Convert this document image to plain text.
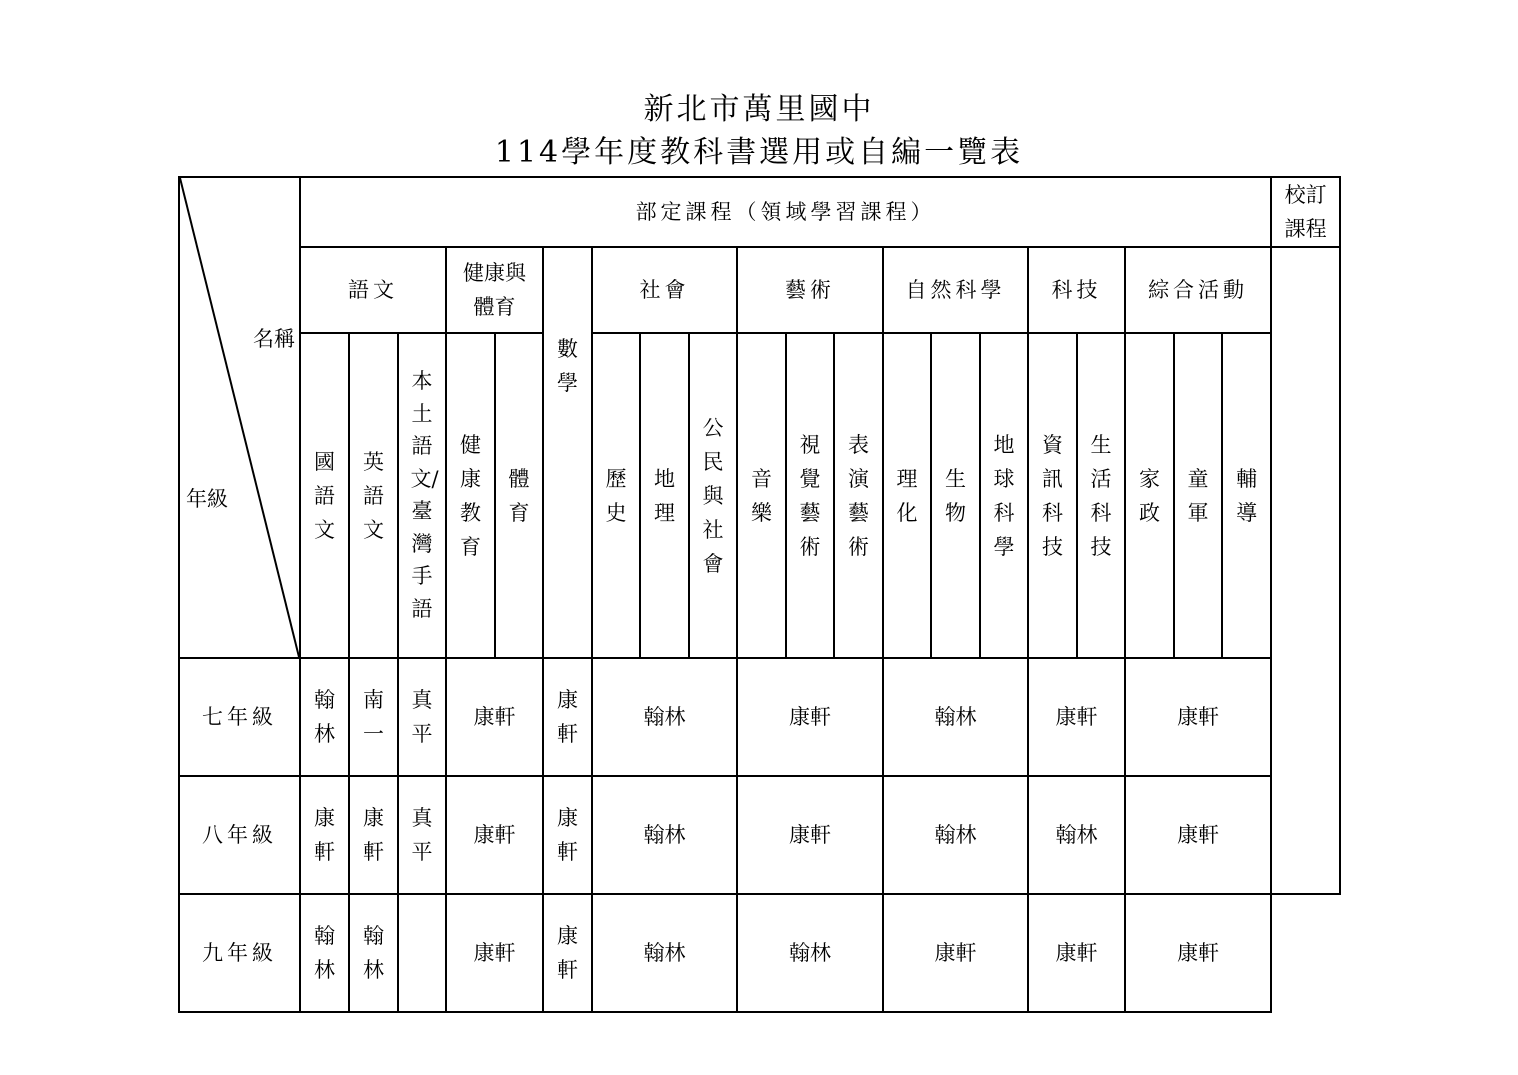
新北市萬里國中
114學年度教科書選用或自編一覽表
名稱
年級	部定課程（領域學習課程）																				校訂課程
	語文			健康與體育		數學	社會			藝術			自然科學			科技		綜合活動			
	國語文	英語文	本土語文/臺灣手語	健康教育	體育		歷史	地理	公民與社會	音樂	視覺藝術	表演藝術	理化	生物	地球科學	資訊科技	生活科技	家政	童軍	輔導	
七年級	翰林	南一	真平	康軒		康軒	翰林			康軒			翰林			康軒		康軒			
八年級	康軒	康軒	真平	康軒		康軒	翰林			康軒			翰林			翰林		康軒			
九年級	翰林	翰林		康軒		康軒	翰林			翰林			康軒			康軒		康軒			
